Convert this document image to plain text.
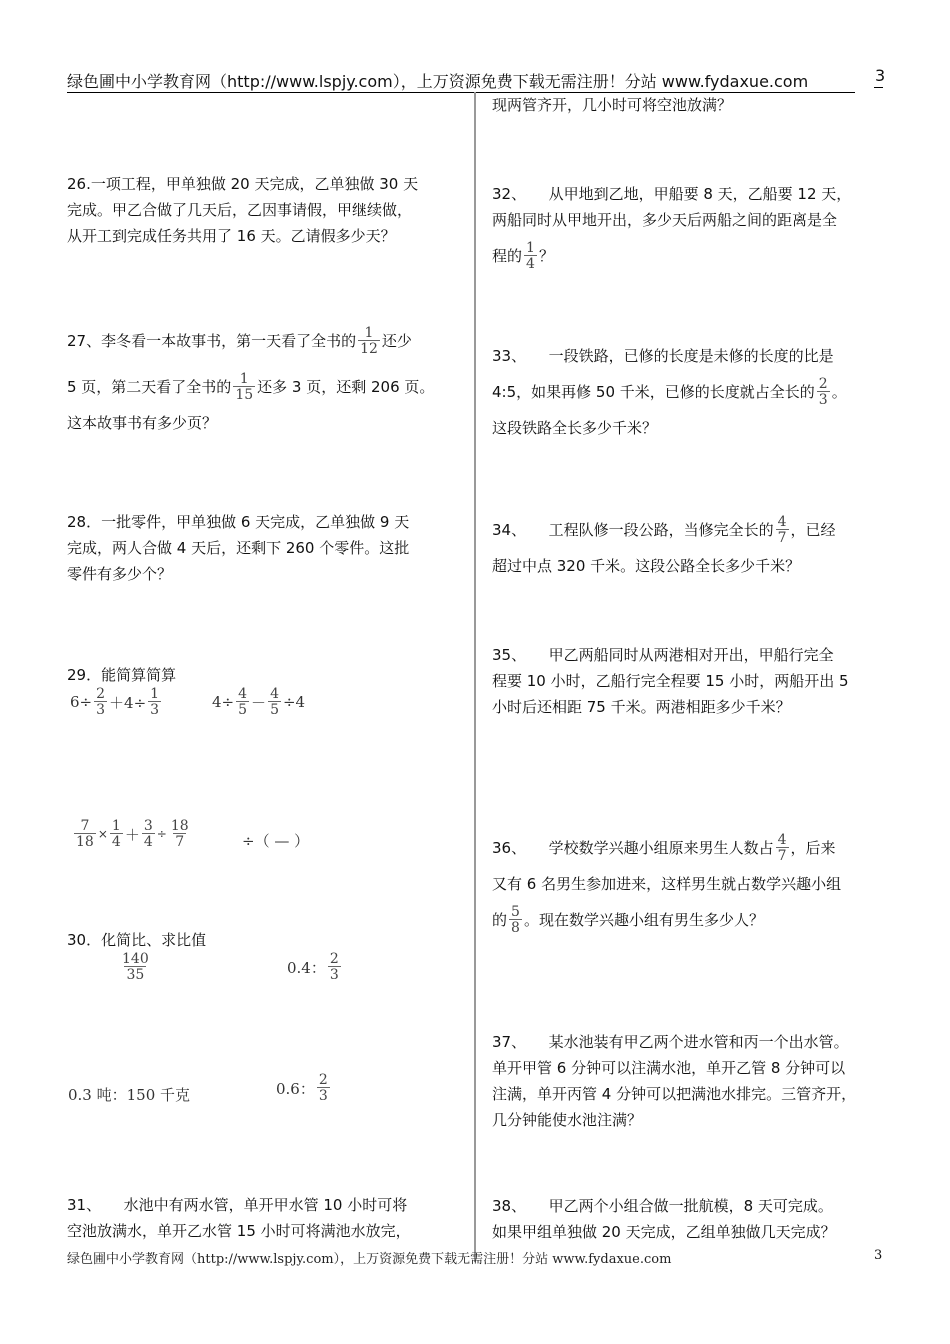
绿色圃中小学教育网（http://www.lspjy.com），上万资源免费下载无需注册！分站 www.fydaxue.com	3
26.一项工程，甲单独做 20 天完成，乙单独做 30 天
完成。甲乙合做了几天后，乙因事请假，甲继续做，
从开工到完成任务共用了 16 天。乙请假多少天？
27、李冬看一本故事书，第一天看了全书的 $\frac{1}{12}$ 还少
5 页，第二天看了全书的 $\frac{1}{15}$ 还多 3 页，还剩 206 页。
这本故事书有多少页？
28．一批零件，甲单独做 6 天完成，乙单独做 9 天
完成，两人合做 4 天后，还剩下 260 个零件。这批
零件有多少个？
29．能简算简算
$6\div \frac{2}{3} +4\div \frac{1}{3}$	$4\div \frac{4}{5} - \frac{4}{5} \div 4$
$\frac{7}{18} \times \frac{1}{4} + \frac{3}{4} \div \frac{18}{7}$	÷（ — ）
30．化简比、求比值
$\frac{140}{35}$	0.4： $\frac{2}{3}$
0.3 吨：150 千克	0.6： $\frac{2}{3}$
31、　　水池中有两水管，单开甲水管 10 小时可将
空池放满水，单开乙水管 15 小时可将满池水放完，
现两管齐开，几小时可将空池放满？
32、　　从甲地到乙地，甲船要 8 天，乙船要 12 天，
两船同时从甲地开出，多少天后两船之间的距离是全
程的 $\frac{1}{4}$ ？
33、　　一段铁路，已修的长度是未修的长度的比是
4:5，如果再修 50 千米，已修的长度就占全长的 $\frac{2}{3}$ 。
这段铁路全长多少千米？
34、　　工程队修一段公路，当修完全长的 $\frac{4}{7}$ ，已经
超过中点 320 千米。这段公路全长多少千米？
35、　　甲乙两船同时从两港相对开出，甲船行完全
程要 10 小时，乙船行完全程要 15 小时，两船开出 5
小时后还相距 75 千米。两港相距多少千米？
36、　　学校数学兴趣小组原来男生人数占 $\frac{4}{7}$ ，后来
又有 6 名男生参加进来，这样男生就占数学兴趣小组
的 $\frac{5}{8}$ 。现在数学兴趣小组有男生多少人？
37、　　某水池装有甲乙两个进水管和丙一个出水管。
单开甲管 6 分钟可以注满水池，单开乙管 8 分钟可以
注满，单开丙管 4 分钟可以把满池水排完。三管齐开，
几分钟能使水池注满？
38、　　甲乙两个小组合做一批航模，8 天可完成。
如果甲组单独做 20 天完成，乙组单独做几天完成？
绿色圃中小学教育网（http://www.lspjy.com），上万资源免费下载无需注册！分站 www.fydaxue.com	3
